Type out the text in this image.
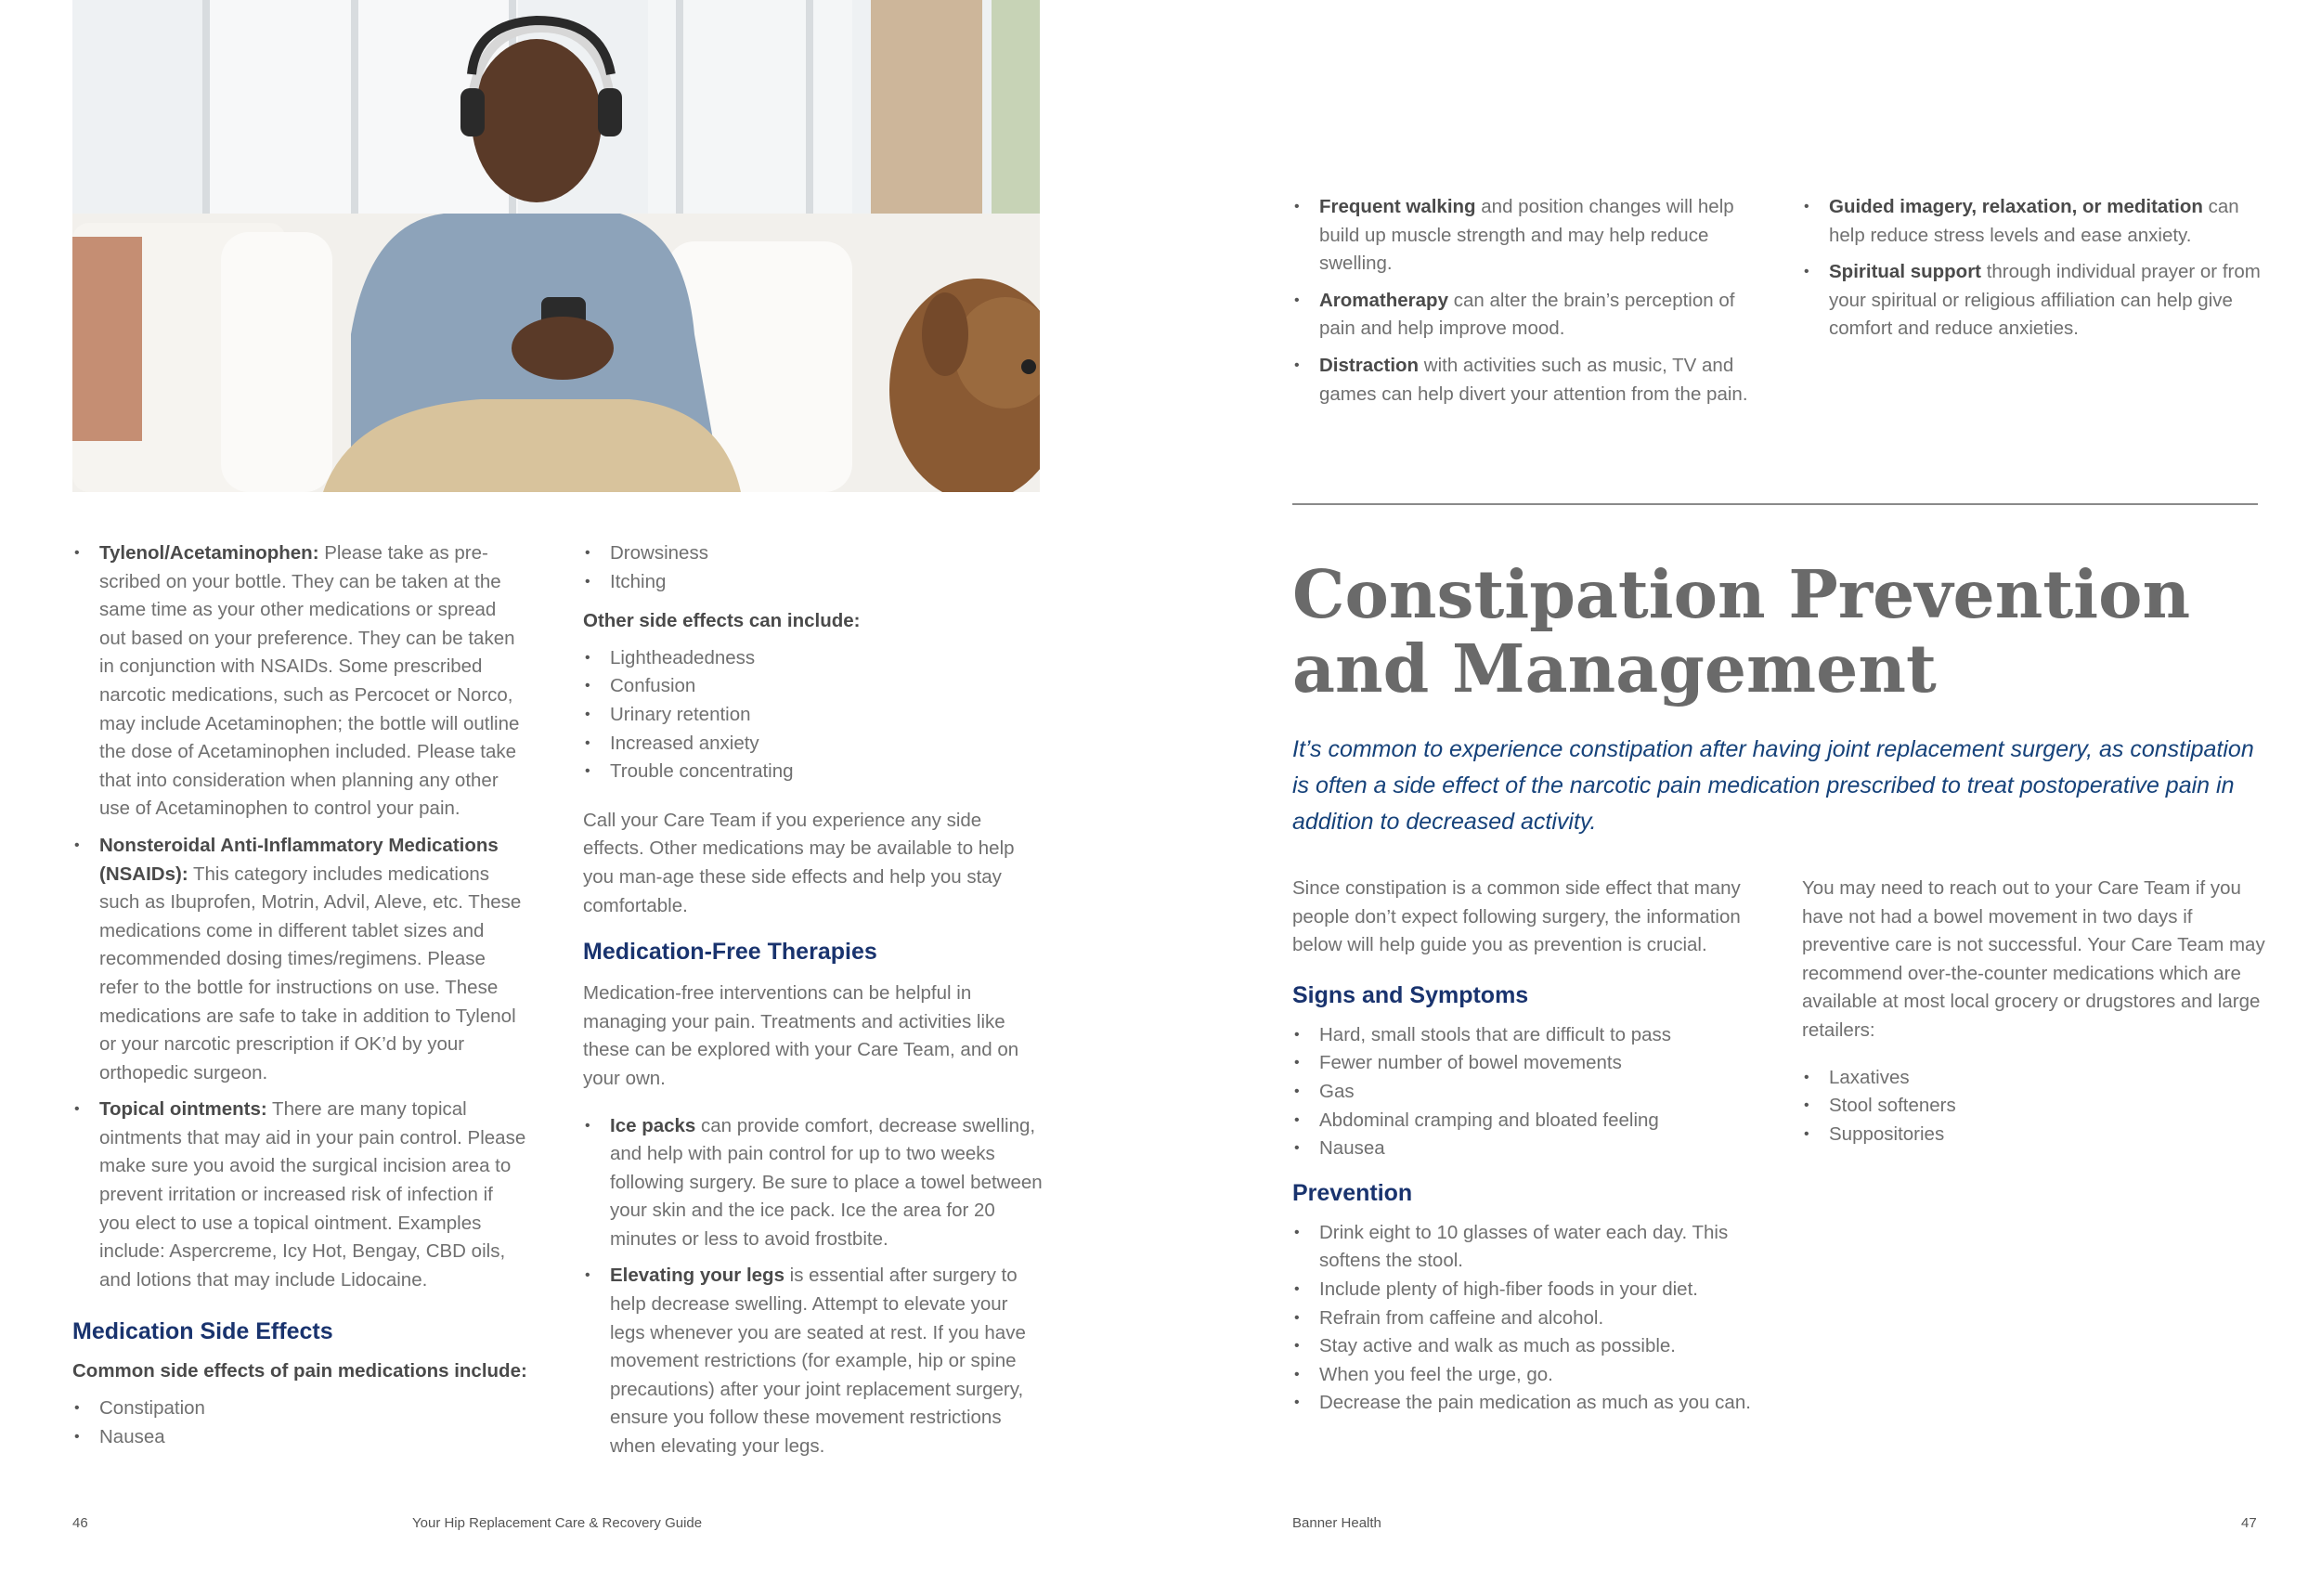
• Tylenol/Acetaminophen: Please take as pre-scribed on your bottle. They can be taken at the same time as your other medications or spread out based on your preference. They can be taken in conjunction with NSAIDs. Some prescribed narcotic medications, such as Percocet or Norco, may include Acetaminophen; the bottle will outline the dose of Acetaminophen included. Please take that into consideration when planning any other use of Acetaminophen to control your pain.
• Nonsteroidal Anti-Inflammatory Medications (NSAIDs): This category includes medications such as Ibuprofen, Motrin, Advil, Aleve, etc. These medications come in different tablet sizes and recommended dosing times/regimens. Please refer to the bottle for instructions on use. These medications are safe to take in addition to Tylenol or your narcotic prescription if OK’d by your orthopedic surgeon.
• Topical ointments: There are many topical ointments that may aid in your pain control. Please make sure you avoid the surgical incision area to prevent irritation or increased risk of infection if you elect to use a topical ointment. Examples include: Aspercreme, Icy Hot, Bengay, CBD oils, and lotions that may include Lidocaine.
Medication Side Effects

Common side effects of pain medications include:

• Constipation
• Nausea
• Drowsiness
• Itching

Other side effects can include:

• Lightheadedness
• Confusion
• Urinary retention
• Increased anxiety
• Trouble concentrating

Call your Care Team if you experience any side effects. Other medications may be available to help you man-age these side effects and help you stay comfortable.

Medication-Free Therapies

Medication-free interventions can be helpful in managing your pain. Treatments and activities like these can be explored with your Care Team, and on your own.

• Ice packs can provide comfort, decrease swelling, and help with pain control for up to two weeks following surgery. Be sure to place a towel between your skin and the ice pack. Ice the area for 20 minutes or less to avoid frostbite.
• Elevating your legs is essential after surgery to help decrease swelling. Attempt to elevate your legs whenever you are seated at rest. If you have movement restrictions (for example, hip or spine precautions) after your joint replacement surgery, ensure you follow these movement restrictions when elevating your legs.
• Frequent walking and position changes will help build up muscle strength and may help reduce swelling.
• Aromatherapy can alter the brain’s perception of pain and help improve mood.
• Distraction with activities such as music, TV and games can help divert your attention from the pain.
• Guided imagery, relaxation, or meditation can help reduce stress levels and ease anxiety.
• Spiritual support through individual prayer or from your spiritual or religious affiliation can help give comfort and reduce anxieties.
Constipation Prevention
and Management

It’s common to experience constipation after having joint replacement surgery, as constipation is often a side effect of the narcotic pain medication prescribed to treat postoperative pain in addition to decreased activity.

Since constipation is a common side effect that many people don’t expect following surgery, the information below will help guide you as prevention is crucial.

Signs and Symptoms
• Hard, small stools that are difficult to pass
• Fewer number of bowel movements
• Gas
• Abdominal cramping and bloated feeling
• Nausea
Prevention
• Drink eight to 10 glasses of water each day. This softens the stool.
• Include plenty of high-fiber foods in your diet.
• Refrain from caffeine and alcohol.
• Stay active and walk as much as possible.
• When you feel the urge, go.
• Decrease the pain medication as much as you can.

You may need to reach out to your Care Team if you have not had a bowel movement in two days if preventive care is not successful. Your Care Team may recommend over-the-counter medications which are available at most local grocery or drugstores and large retailers:

• Laxatives
• Stool softeners
• Suppositories
46	Your Hip Replacement Care & Recovery Guide	Banner Health	47
